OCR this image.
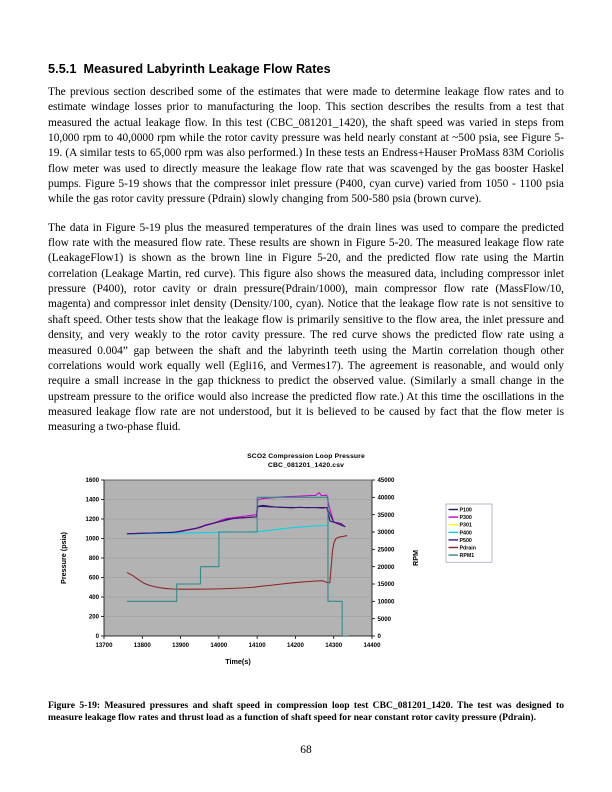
5.5.1 Measured Labyrinth Leakage Flow Rates

The previous section described some of the estimates that were made to determine leakage flow rates and to estimate windage losses prior to manufacturing the loop. This section describes the results from a test that measured the actual leakage flow. In this test (CBC_081201_1420), the shaft speed was varied in steps from 10,000 rpm to 40,0000 rpm while the rotor cavity pressure was held nearly constant at ~500 psia, see Figure 5-19. (A similar tests to 65,000 rpm was also performed.) In these tests an Endress+Hauser ProMass 83M Coriolis flow meter was used to directly measure the leakage flow rate that was scavenged by the gas booster Haskel pumps. Figure 5-19 shows that the compressor inlet pressure (P400, cyan curve) varied from 1050 - 1100 psia while the gas rotor cavity pressure (Pdrain) slowly changing from 500-580 psia (brown curve).

The data in Figure 5-19 plus the measured temperatures of the drain lines was used to compare the predicted flow rate with the measured flow rate. These results are shown in Figure 5-20. The measured leakage flow rate (LeakageFlow1) is shown as the brown line in Figure 5-20, and the predicted flow rate using the Martin correlation (Leakage Martin, red curve). This figure also shows the measured data, including compressor inlet pressure (P400), rotor cavity or drain pressure(Pdrain/1000), main compressor flow rate (MassFlow/10, magenta) and compressor inlet density (Density/100, cyan). Notice that the leakage flow rate is not sensitive to shaft speed. Other tests show that the leakage flow is primarily sensitive to the flow area, the inlet pressure and density, and very weakly to the rotor cavity pressure. The red curve shows the predicted flow rate using a measured 0.004” gap between the shaft and the labyrinth teeth using the Martin correlation though other correlations would work equally well (Egli16, and Vermes17). The agreement is reasonable, and would only require a small increase in the gap thickness to predict the observed value. (Similarly a small change in the upstream pressure to the orifice would also increase the predicted flow rate.) At this time the oscillations in the measured leakage flow rate are not understood, but it is believed to be caused by fact that the flow meter is measuring a two-phase fluid.

SCO2 Compression Loop Pressure
CBC_081201_1420.csv
0
200
400
600
800
1000
1200
1400
1600
0
5000
10000
15000
20000
25000
30000
35000
40000
45000
13700	13800	13900	14000	14100	14200	14300	14400
Pressure (psia)	RPM
Time(s)
P100
P300
P301
P400
P500
Pdrain
RPM1

Figure 5-19: Measured pressures and shaft speed in compression loop test CBC_081201_1420. The test was designed to measure leakage flow rates and thrust load as a function of shaft speed for near constant rotor cavity pressure (Pdrain).

68
